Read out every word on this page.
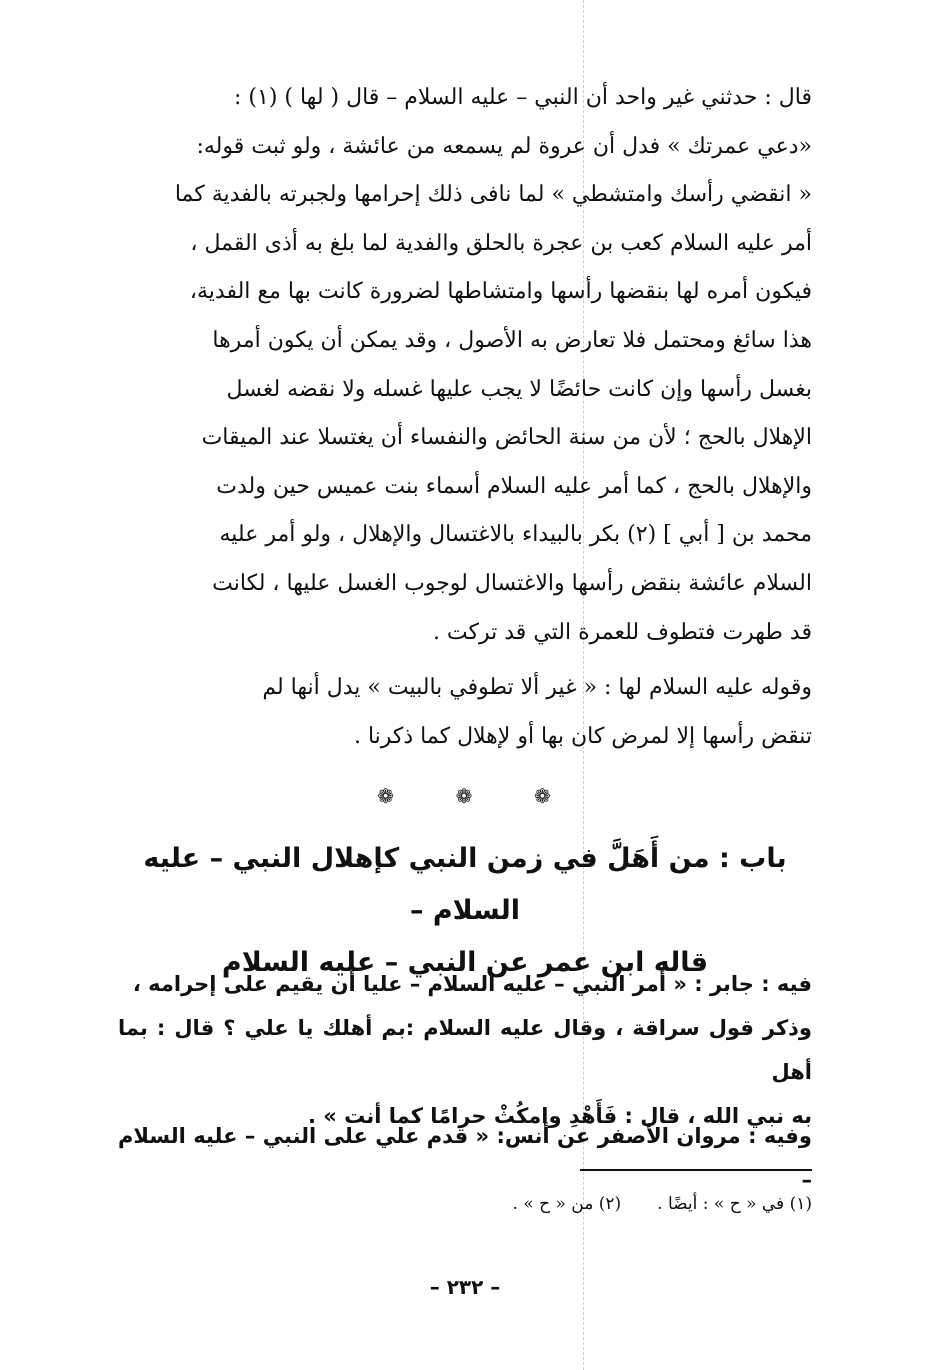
قال : حدثني غير واحد أن النبي – عليه السلام – قال ( لها ) (١) :
«دعي عمرتك » فدل أن عروة لم يسمعه من عائشة ، ولو ثبت قوله:
« انقضي رأسك وامتشطي » لما نافى ذلك إحرامها ولجبرته بالفدية كما
أمر عليه السلام كعب بن عجرة بالحلق والفدية لما بلغ به أذى القمل ،
فيكون أمره لها بنقضها رأسها وامتشاطها لضرورة كانت بها مع الفدية،
هذا سائغ ومحتمل فلا تعارض به الأصول ، وقد يمكن أن يكون أمرها
بغسل رأسها وإن كانت حائضًا لا يجب عليها غسله ولا نقضه لغسل
الإهلال بالحج ؛ لأن من سنة الحائض والنفساء أن يغتسلا عند الميقات
والإهلال بالحج ، كما أمر عليه السلام أسماء بنت عميس حين ولدت
محمد بن [ أبي ] (٢) بكر بالبيداء بالاغتسال والإهلال ، ولو أمر عليه
السلام عائشة بنقض رأسها والاغتسال لوجوب الغسل عليها ، لكانت
قد طهرت فتطوف للعمرة التي قد تركت .
وقوله عليه السلام لها : « غير ألا تطوفي بالبيت » يدل أنها لم
تنقض رأسها إلا لمرض كان بها أو لإهلال كما ذكرنا .
❁	❁	❁
باب : من أَهَلَّ في زمن النبي كإهلال النبي – عليه السلام –
قاله ابن عمر عن النبي – عليه السلام
فيه : جابر : « أمر النبي – عليه السلام – عليا أن يقيم على إحرامه ،
وذكر قول سراقة ، وقال عليه السلام :بم أهلك يا علي ؟ قال : بما أهل
به نبي الله ، قال : فَأَهْدِ وامكُثْ حرامًا كما أنت » .
وفيه : مروان الأصفر عن أنس: « قدم علي على النبي – عليه السلام –
(١) في « ح » : أيضًا .
(٢) من « ح » .
– ٢٣٢ –
